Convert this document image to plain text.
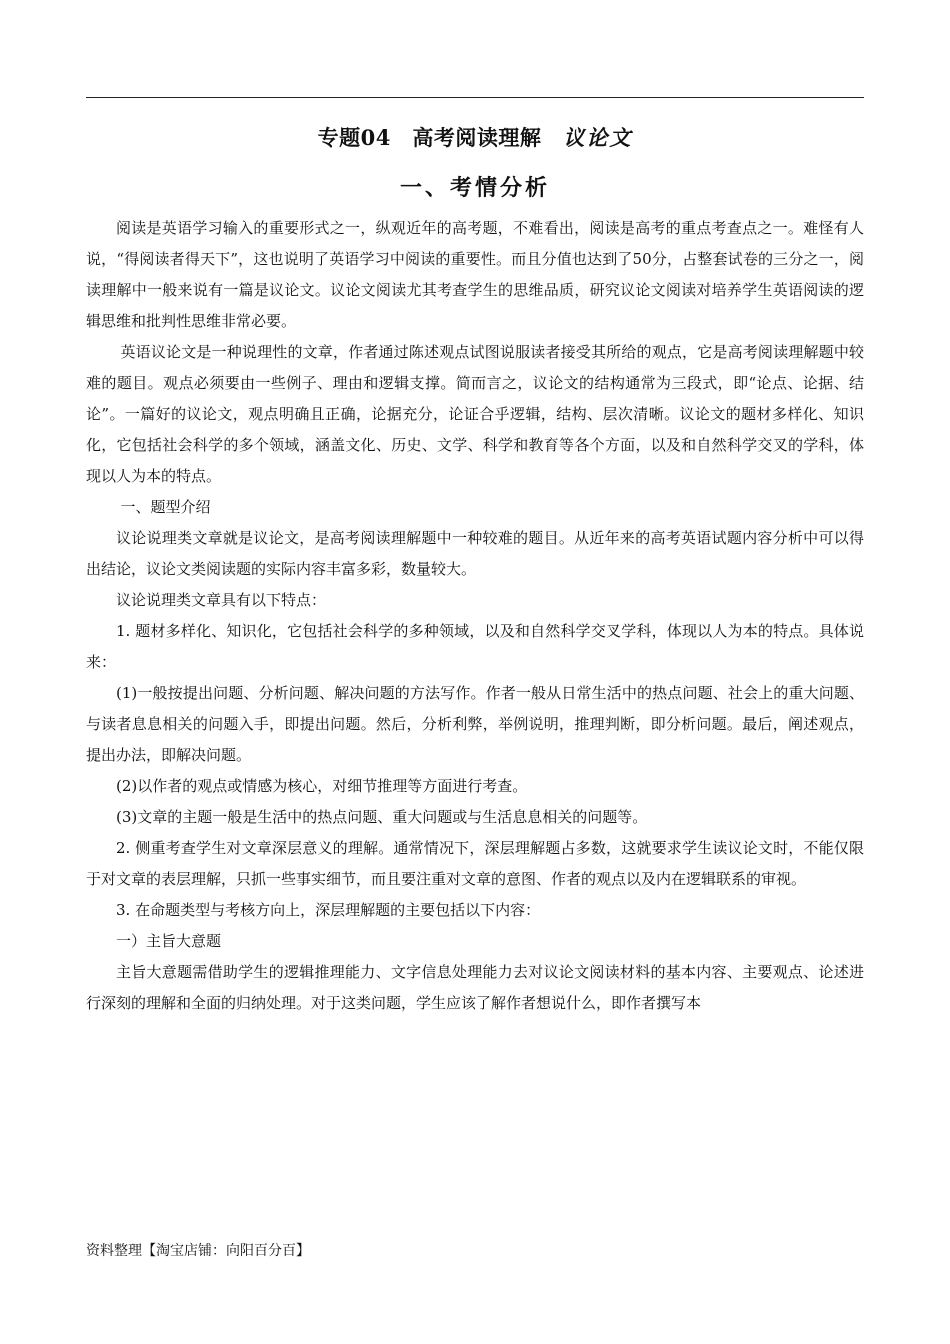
专题04　高考阅读理解 议论文
一、考情分析

阅读是英语学习输入的重要形式之一，纵观近年的高考题，不难看出，阅读是高考的重点考查点之一。难怪有人说，“得阅读者得天下”，这也说明了英语学习中阅读的重要性。而且分值也达到了50分，占整套试卷的三分之一，阅读理解中一般来说有一篇是议论文。议论文阅读尤其考查学生的思维品质，研究议论文阅读对培养学生英语阅读的逻辑思维和批判性思维非常必要。

英语议论文是一种说理性的文章，作者通过陈述观点试图说服读者接受其所给的观点，它是高考阅读理解题中较难的题目。观点必须要由一些例子、理由和逻辑支撑。简而言之，议论文的结构通常为三段式，即“论点、论据、结论”。一篇好的议论文，观点明确且正确，论据充分，论证合乎逻辑，结构、层次清晰。议论文的题材多样化、知识化，它包括社会科学的多个领域，涵盖文化、历史、文学、科学和教育等各个方面，以及和自然科学交叉的学科，体现以人为本的特点。

一、题型介绍

议论说理类文章就是议论文，是高考阅读理解题中一种较难的题目。从近年来的高考英语试题内容分析中可以得出结论，议论文类阅读题的实际内容丰富多彩，数量较大。

议论说理类文章具有以下特点：

1. 题材多样化、知识化，它包括社会科学的多种领域，以及和自然科学交叉学科，体现以人为本的特点。具体说来：

(1)一般按提出问题、分析问题、解决问题的方法写作。作者一般从日常生活中的热点问题、社会上的重大问题、与读者息息相关的问题入手，即提出问题。然后，分析利弊，举例说明，推理判断，即分析问题。最后，阐述观点，提出办法，即解决问题。

(2)以作者的观点或情感为核心，对细节推理等方面进行考查。

(3)文章的主题一般是生活中的热点问题、重大问题或与生活息息相关的问题等。

2. 侧重考查学生对文章深层意义的理解。通常情况下，深层理解题占多数，这就要求学生读议论文时，不能仅限于对文章的表层理解，只抓一些事实细节，而且要注重对文章的意图、作者的观点以及内在逻辑联系的审视。

3. 在命题类型与考核方向上，深层理解题的主要包括以下内容：

一）主旨大意题

主旨大意题需借助学生的逻辑推理能力、文字信息处理能力去对议论文阅读材料的基本内容、主要观点、论述进行深刻的理解和全面的归纳处理。对于这类问题，学生应该了解作者想说什么，即作者撰写本

资料整理【淘宝店铺：向阳百分百】
